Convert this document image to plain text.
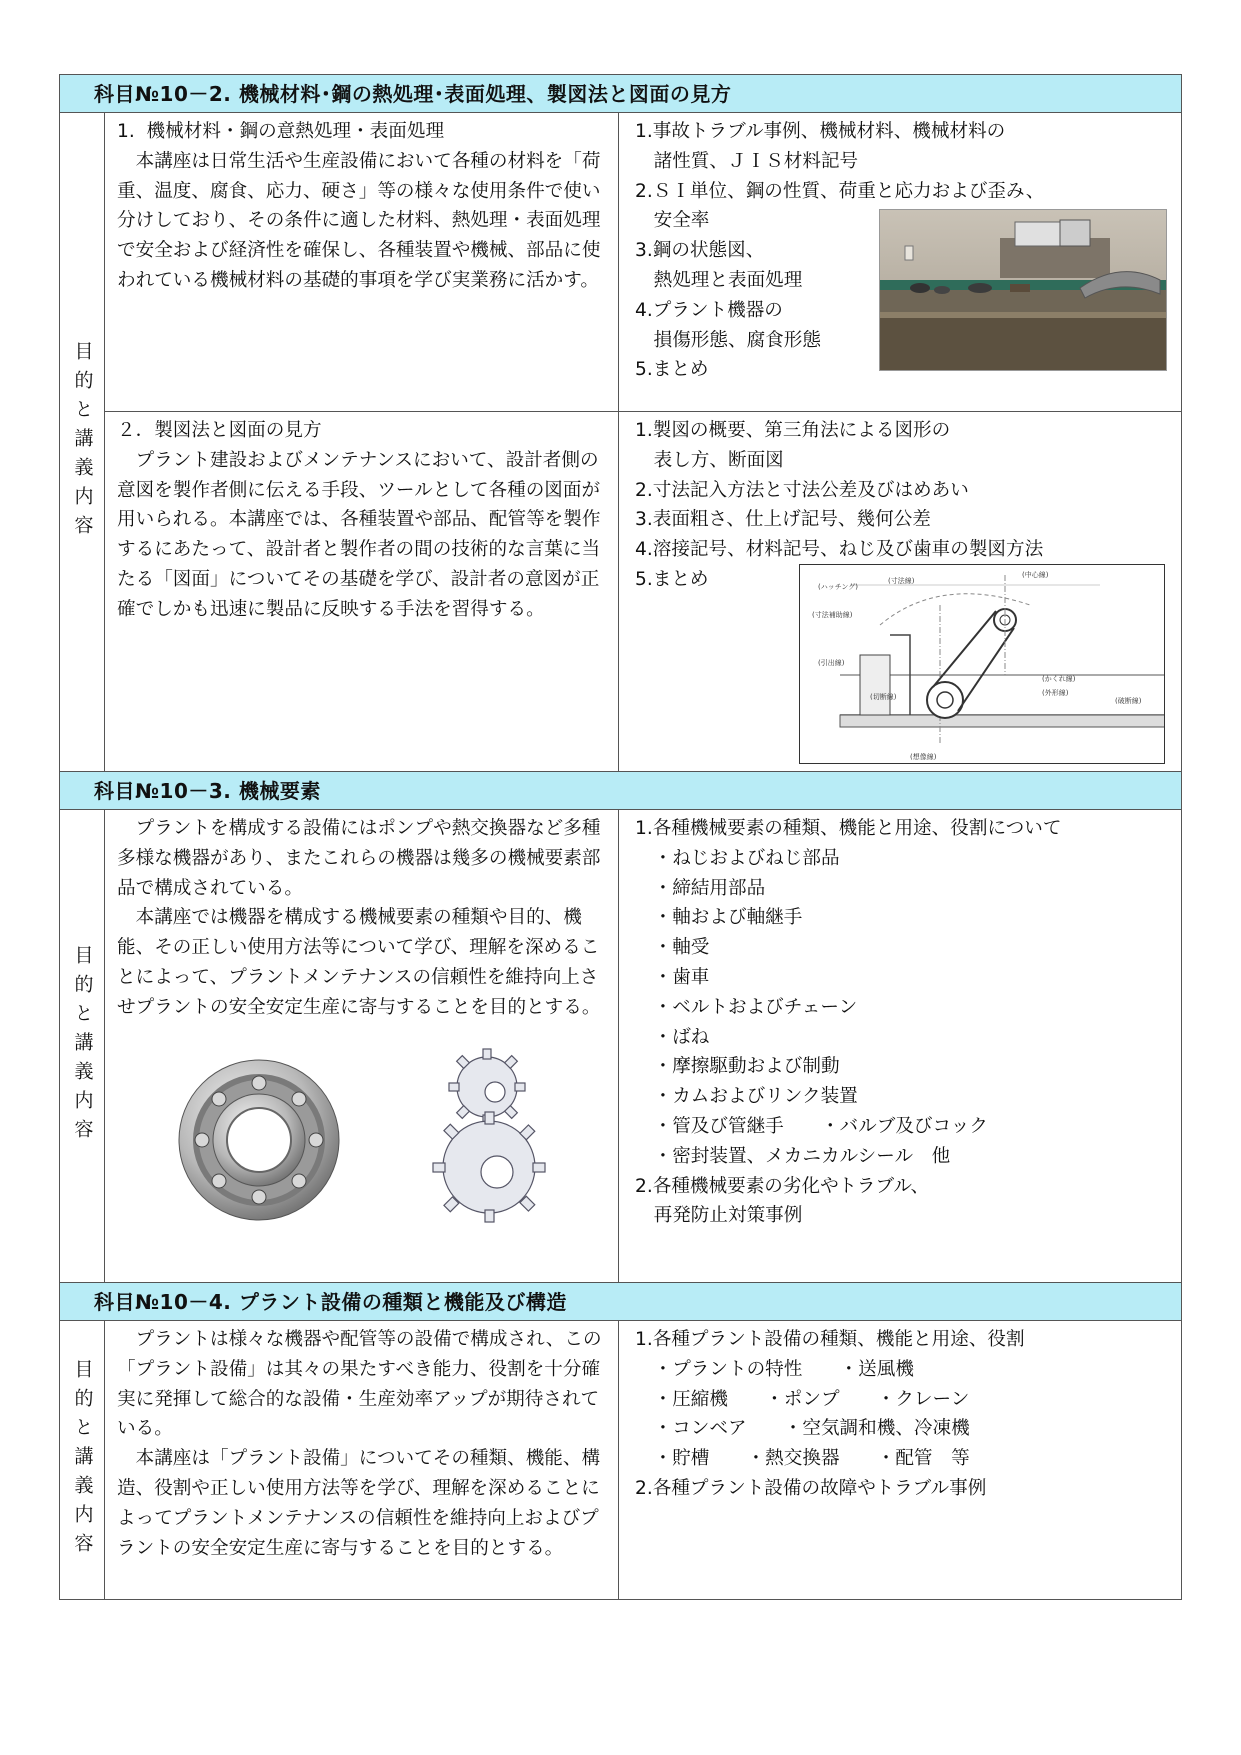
科目№10－2. 機械材料･鋼の熱処理･表面処理、製図法と図面の見方
目的と講義内容

1.  機械材料・鋼の意熱処理・表面処理

本講座は日常生活や生産設備において各種の材料を「荷重、温度、腐食、応力、硬さ」等の様々な使用条件で使い分けしており、その条件に適した材料、熱処理・表面処理で安全および経済性を確保し、各種装置や機械、部品に使われている機械材料の基礎的事項を学び実業務に活かす。

1.事故トラブル事例、機械材料、機械材料の
　諸性質、ＪＩＳ材料記号
2.ＳＩ単位、鋼の性質、荷重と応力および歪み、
　安全率
3.鋼の状態図、
　熱処理と表面処理
4.プラント機器の
　損傷形態、腐食形態
5.まとめ

２．製図法と図面の見方

プラント建設およびメンテナンスにおいて、設計者側の意図を製作者側に伝える手段、ツールとして各種の図面が用いられる。本講座では、各種装置や部品、配管等を製作するにあたって、設計者と製作者の間の技術的な言葉に当たる「図面」についてその基礎を学び、設計者の意図が正確でしかも迅速に製品に反映する手法を習得する。

1.製図の概要、第三角法による図形の
　表し方、断面図
2.寸法記入方法と寸法公差及びはめあい
3.表面粗さ、仕上げ記号、幾何公差
4.溶接記号、材料記号、ねじ及び歯車の製図方法
5.まとめ	(ハッチング)
(寸法線)
(中心線)
(寸法補助線)
(引出線)
(かくれ線)
(外形線)
(破断線)
(想像線)
(切断線)
科目№10－3. 機械要素
目的と講義内容

プラントを構成する設備にはポンプや熱交換器など多種多様な機器があり、またこれらの機器は幾多の機械要素部品で構成されている。

本講座では機器を構成する機械要素の種類や目的、機能、その正しい使用方法等について学び、理解を深めることによって、プラントメンテナンスの信頼性を維持向上させプラントの安全安定生産に寄与することを目的とする。

1.各種機械要素の種類、機能と用途、役割について
　・ねじおよびねじ部品
　・締結用部品
　・軸および軸継手
　・軸受
　・歯車
　・ベルトおよびチェーン
　・ばね
　・摩擦駆動および制動
　・カムおよびリンク装置
　・管及び管継手　　・バルブ及びコック
　・密封装置、メカニカルシール　他
2.各種機械要素の劣化やトラブル、
　再発防止対策事例
科目№10－4. プラント設備の種類と機能及び構造
目的と講義内容

プラントは様々な機器や配管等の設備で構成され、この「プラント設備」は其々の果たすべき能力、役割を十分確実に発揮して総合的な設備・生産効率アップが期待されている。

本講座は「プラント設備」についてその種類、機能、構造、役割や正しい使用方法等を学び、理解を深めることによってプラントメンテナンスの信頼性を維持向上およびプラントの安全安定生産に寄与することを目的とする。

1.各種プラント設備の種類、機能と用途、役割
　・プラントの特性　　・送風機
　・圧縮機　　・ポンプ　　・クレーン
　・コンベア　　・空気調和機、冷凍機
　・貯槽　　・熱交換器　　・配管　等
2.各種プラント設備の故障やトラブル事例
